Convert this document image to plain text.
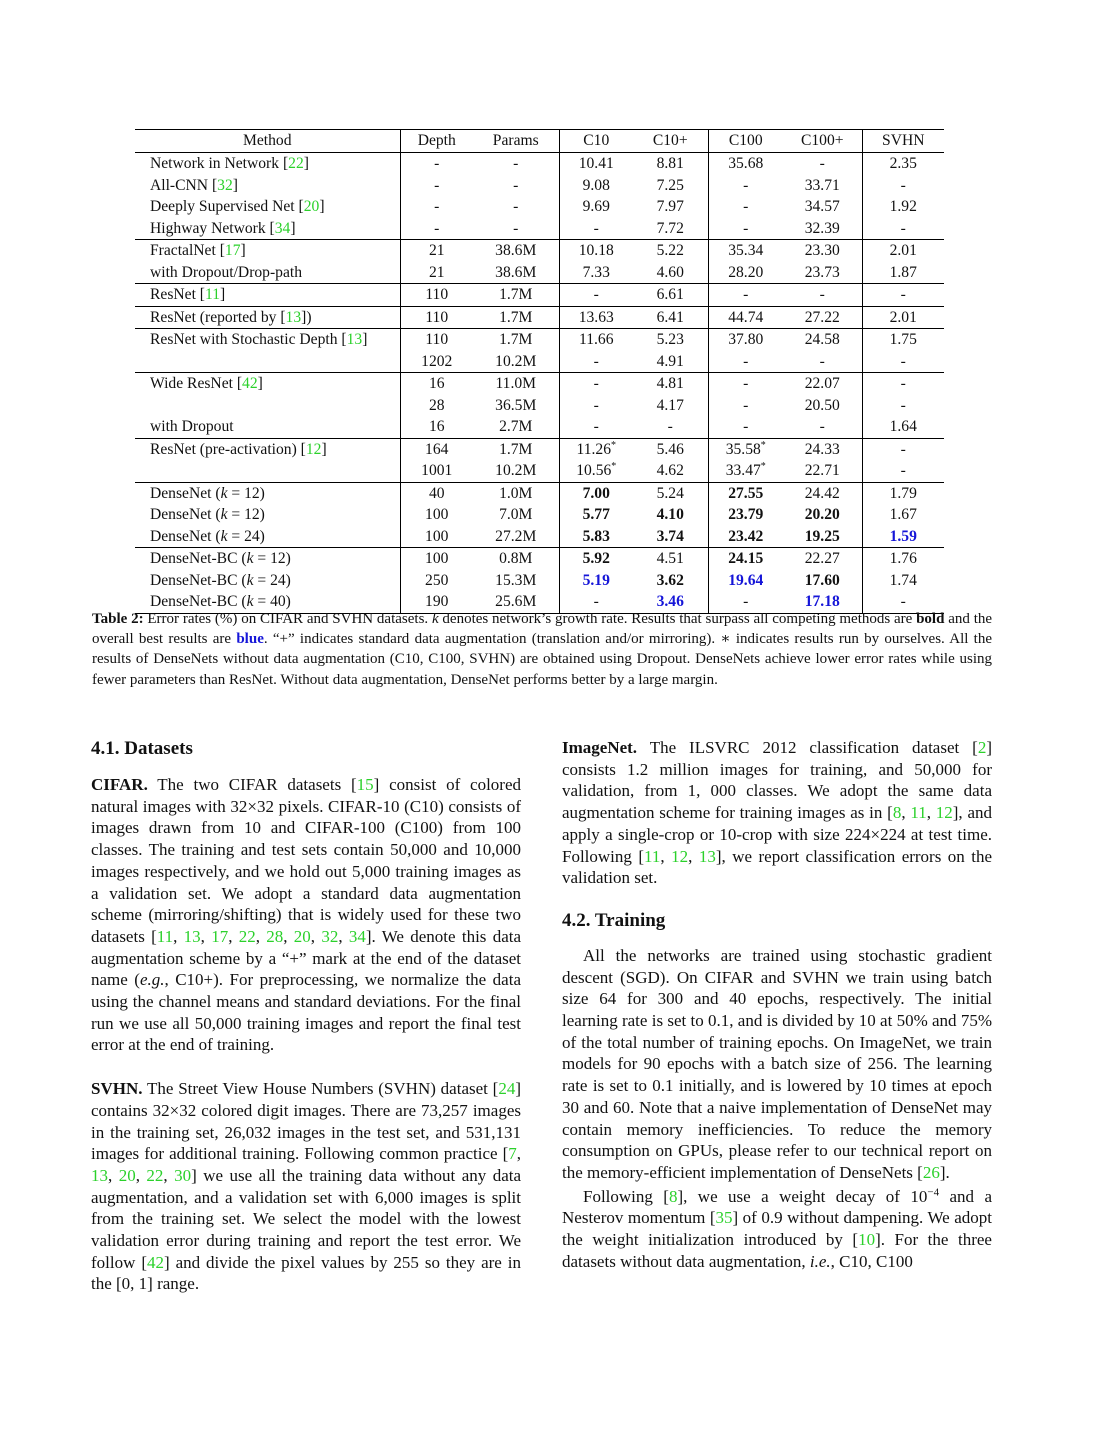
Method	Depth	Params	C10	C10+	C100	C100+	SVHN
Network in Network [22]	-	-	10.41	8.81	35.68	-	2.35
All-CNN [32]	-	-	9.08	7.25	-	33.71	-
Deeply Supervised Net [20]	-	-	9.69	7.97	-	34.57	1.92
Highway Network [34]	-	-	-	7.72	-	32.39	-
FractalNet [17]	21	38.6M	10.18	5.22	35.34	23.30	2.01
with Dropout/Drop-path	21	38.6M	7.33	4.60	28.20	23.73	1.87
ResNet [11]	110	1.7M	-	6.61	-	-	-
ResNet (reported by [13])	110	1.7M	13.63	6.41	44.74	27.22	2.01
ResNet with Stochastic Depth [13]	110	1.7M	11.66	5.23	37.80	24.58	1.75
	1202	10.2M	-	4.91	-	-	-
Wide ResNet [42]	16	11.0M	-	4.81	-	22.07	-
	28	36.5M	-	4.17	-	20.50	-
with Dropout	16	2.7M	-	-	-	-	1.64
ResNet (pre-activation) [12]	164	1.7M	11.26*	5.46	35.58*	24.33	-
	1001	10.2M	10.56*	4.62	33.47*	22.71	-
DenseNet (k = 12)	40	1.0M	7.00	5.24	27.55	24.42	1.79
DenseNet (k = 12)	100	7.0M	5.77	4.10	23.79	20.20	1.67
DenseNet (k = 24)	100	27.2M	5.83	3.74	23.42	19.25	1.59
DenseNet-BC (k = 12)	100	0.8M	5.92	4.51	24.15	22.27	1.76
DenseNet-BC (k = 24)	250	15.3M	5.19	3.62	19.64	17.60	1.74
DenseNet-BC (k = 40)	190	25.6M	-	3.46	-	17.18	-
Table 2: Error rates (%) on CIFAR and SVHN datasets. k denotes network’s growth rate. Results that surpass all competing methods are bold and the overall best results are blue. “+” indicates standard data augmentation (translation and/or mirroring). ∗ indicates results run by ourselves. All the results of DenseNets without data augmentation (C10, C100, SVHN) are obtained using Dropout. DenseNets achieve lower error rates while using fewer parameters than ResNet. Without data augmentation, DenseNet performs better by a large margin.
4.1. Datasets

CIFAR. The two CIFAR datasets [15] consist of colored natural images with 32×32 pixels. CIFAR-10 (C10) consists of images drawn from 10 and CIFAR-100 (C100) from 100 classes. The training and test sets contain 50,000 and 10,000 images respectively, and we hold out 5,000 training images as a validation set. We adopt a standard data augmentation scheme (mirroring/shifting) that is widely used for these two datasets [11, 13, 17, 22, 28, 20, 32, 34]. We denote this data augmentation scheme by a “+” mark at the end of the dataset name (e.g., C10+). For preprocessing, we normalize the data using the channel means and standard deviations. For the final run we use all 50,000 training images and report the final test error at the end of training.

SVHN. The Street View House Numbers (SVHN) dataset [24] contains 32×32 colored digit images. There are 73,257 images in the training set, 26,032 images in the test set, and 531,131 images for additional training. Following common practice [7, 13, 20, 22, 30] we use all the training data without any data augmentation, and a validation set with 6,000 images is split from the training set. We select the model with the lowest validation error during training and report the test error. We follow [42] and divide the pixel values by 255 so they are in the [0, 1] range.

ImageNet. The ILSVRC 2012 classification dataset [2] consists 1.2 million images for training, and 50,000 for validation, from 1, 000 classes. We adopt the same data augmentation scheme for training images as in [8, 11, 12], and apply a single-crop or 10-crop with size 224×224 at test time. Following [11, 12, 13], we report classification errors on the validation set.

4.2. Training

All the networks are trained using stochastic gradient descent (SGD). On CIFAR and SVHN we train using batch size 64 for 300 and 40 epochs, respectively. The initial learning rate is set to 0.1, and is divided by 10 at 50% and 75% of the total number of training epochs. On ImageNet, we train models for 90 epochs with a batch size of 256. The learning rate is set to 0.1 initially, and is lowered by 10 times at epoch 30 and 60. Note that a naive implementation of DenseNet may contain memory inefficiencies. To reduce the memory consumption on GPUs, please refer to our technical report on the memory-efficient implementation of DenseNets [26].

Following [8], we use a weight decay of $10^{-4}$ and a Nesterov momentum [35] of 0.9 without dampening. We adopt the weight initialization introduced by [10]. For the three datasets without data augmentation, i.e., C10, C100
